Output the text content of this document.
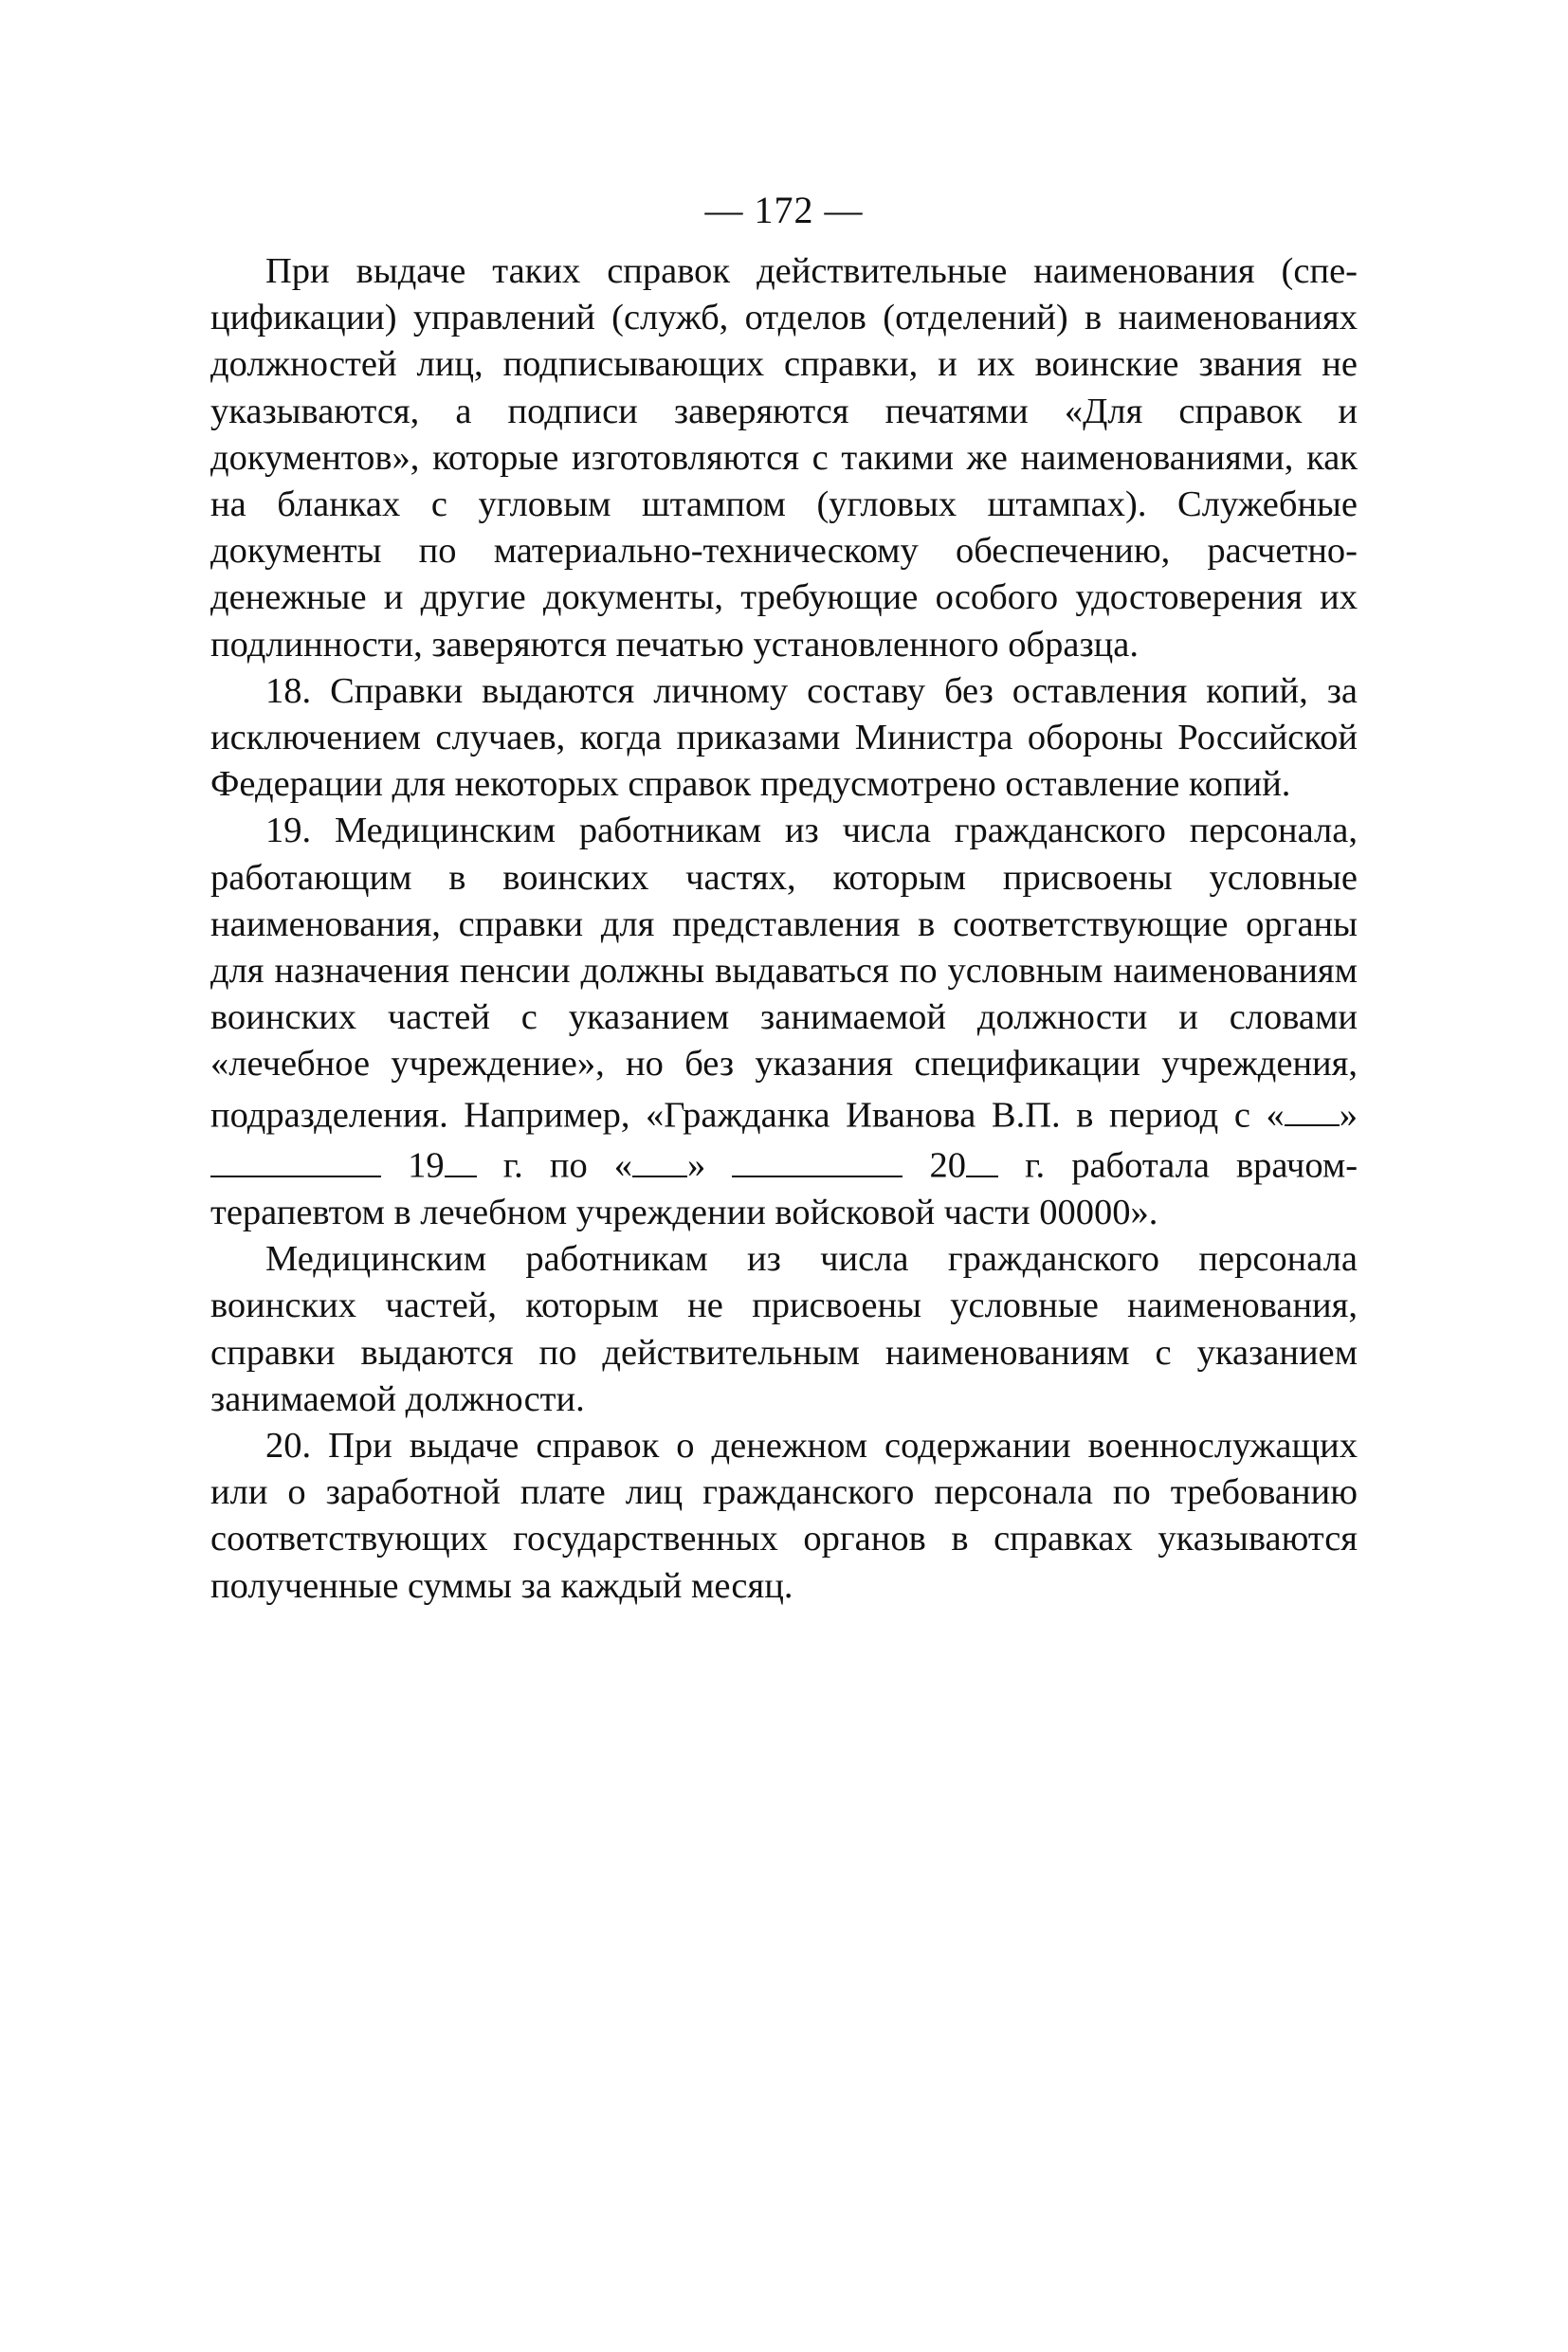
— 172 —

При выдаче таких справок действительные наименования (спецификации) управлений (служб, отделов (отделений) в наименованиях должностей лиц, подписывающих справки, и их воинские звания не указываются, а подписи заверяются печатями «Для справок и документов», которые изготовляются с такими же наименованиями, как на бланках с угловым штампом (угловых штампах). Служебные документы по материально-техническому обеспечению, расчетно-денежные и другие документы, требующие особого удостоверения их подлинности, заверяются печатью установленного образца.

18. Справки выдаются личному составу без оставления копий, за исключением случаев, когда приказами Министра обороны Российской Федерации для некоторых справок предусмотрено оставление копий.

19. Медицинским работникам из числа гражданского персонала, работающим в воинских частях, которым присвоены условные наименования, справки для представления в соответствующие органы для назначения пенсии должны выдаваться по условным наименованиям воинских частей с указанием занимаемой должности и словами «лечебное учреждение», но без указания спецификации учреждения, подразделения. Например, «Гражданка Иванова В.П. в период с « »  19 г. по « »	20 г. работала врачом-терапевтом в лечебном учреждении войсковой части 00000».

Медицинским работникам из числа гражданского персонала воинских частей, которым не присвоены условные наименования, справки выдаются по действительным наименованиям с указанием занимаемой должности.

20. При выдаче справок о денежном содержании военнослужащих или о заработной плате лиц гражданского персонала по требованию соответствующих государственных органов в справках указываются полученные суммы за каждый месяц.
